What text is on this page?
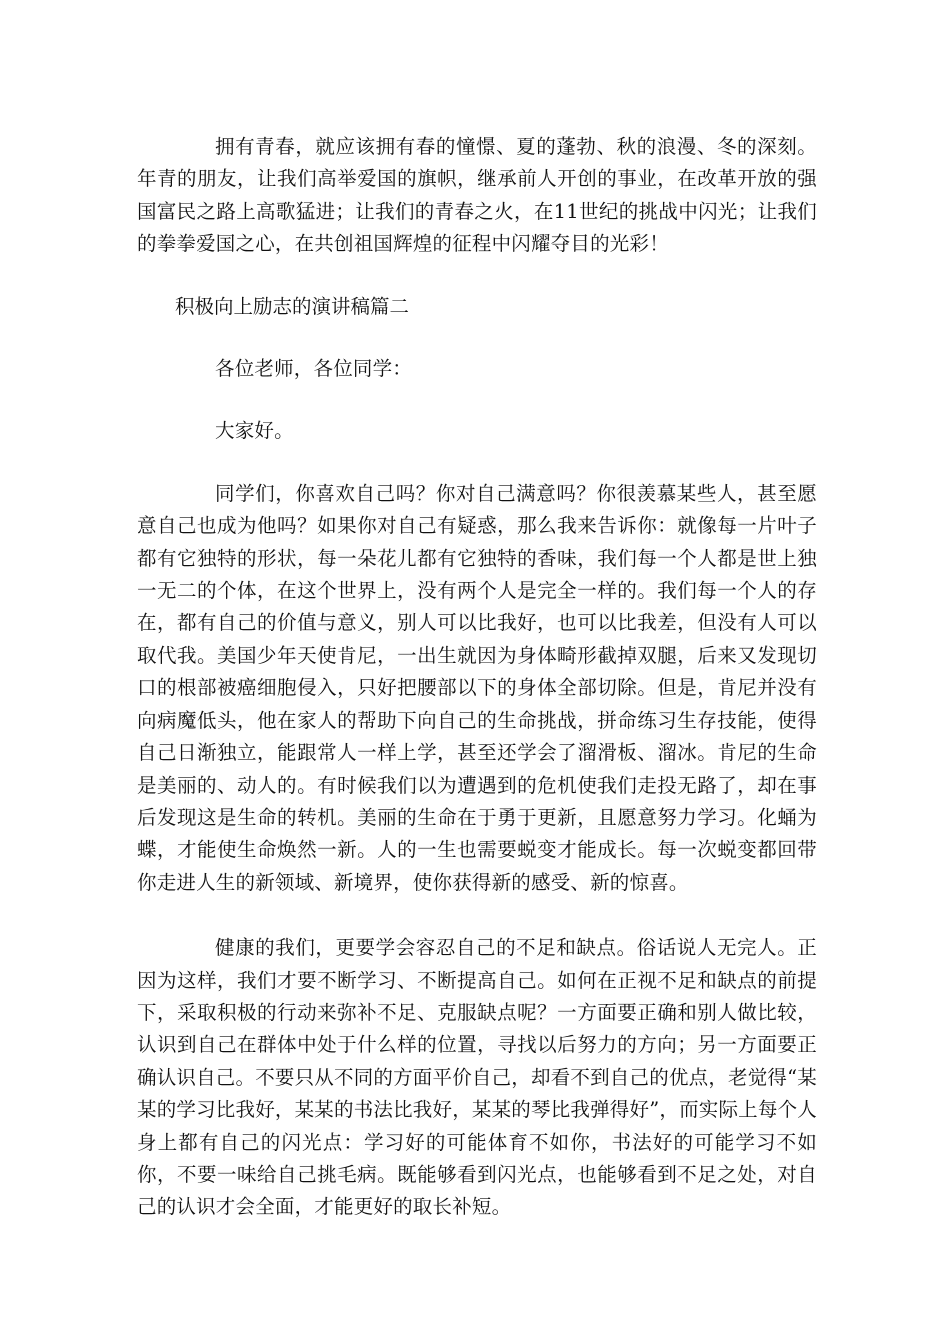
拥有青春，就应该拥有春的憧憬、夏的蓬勃、秋的浪漫、冬的深刻。年青的朋友，让我们高举爱国的旗帜，继承前人开创的事业，在改革开放的强国富民之路上高歌猛进；让我们的青春之火，在11世纪的挑战中闪光；让我们的拳拳爱国之心，在共创祖国辉煌的征程中闪耀夺目的光彩！

积极向上励志的演讲稿篇二

各位老师，各位同学：

大家好。

同学们，你喜欢自己吗？你对自己满意吗？你很羡慕某些人，甚至愿意自己也成为他吗？如果你对自己有疑惑，那么我来告诉你：就像每一片叶子都有它独特的形状，每一朵花儿都有它独特的香味，我们每一个人都是世上独一无二的个体，在这个世界上，没有两个人是完全一样的。我们每一个人的存在，都有自己的价值与意义，别人可以比我好，也可以比我差，但没有人可以取代我。美国少年天使肯尼，一出生就因为身体畸形截掉双腿，后来又发现切口的根部被癌细胞侵入，只好把腰部以下的身体全部切除。但是，肯尼并没有向病魔低头，他在家人的帮助下向自己的生命挑战，拼命练习生存技能，使得自己日渐独立，能跟常人一样上学，甚至还学会了溜滑板、溜冰。肯尼的生命是美丽的、动人的。有时候我们以为遭遇到的危机使我们走投无路了，却在事后发现这是生命的转机。美丽的生命在于勇于更新，且愿意努力学习。化蛹为蝶，才能使生命焕然一新。人的一生也需要蜕变才能成长。每一次蜕变都回带你走进人生的新领域、新境界，使你获得新的感受、新的惊喜。

健康的我们，更要学会容忍自己的不足和缺点。俗话说人无完人。正因为这样，我们才要不断学习、不断提高自己。如何在正视不足和缺点的前提下，采取积极的行动来弥补不足、克服缺点呢？一方面要正确和别人做比较，认识到自己在群体中处于什么样的位置，寻找以后努力的方向；另一方面要正确认识自己。不要只从不同的方面平价自己，却看不到自己的优点，老觉得“某某的学习比我好，某某的书法比我好，某某的琴比我弹得好”，而实际上每个人身上都有自己的闪光点：学习好的可能体育不如你，书法好的可能学习不如你，不要一味给自己挑毛病。既能够看到闪光点，也能够看到不足之处，对自己的认识才会全面，才能更好的取长补短。
